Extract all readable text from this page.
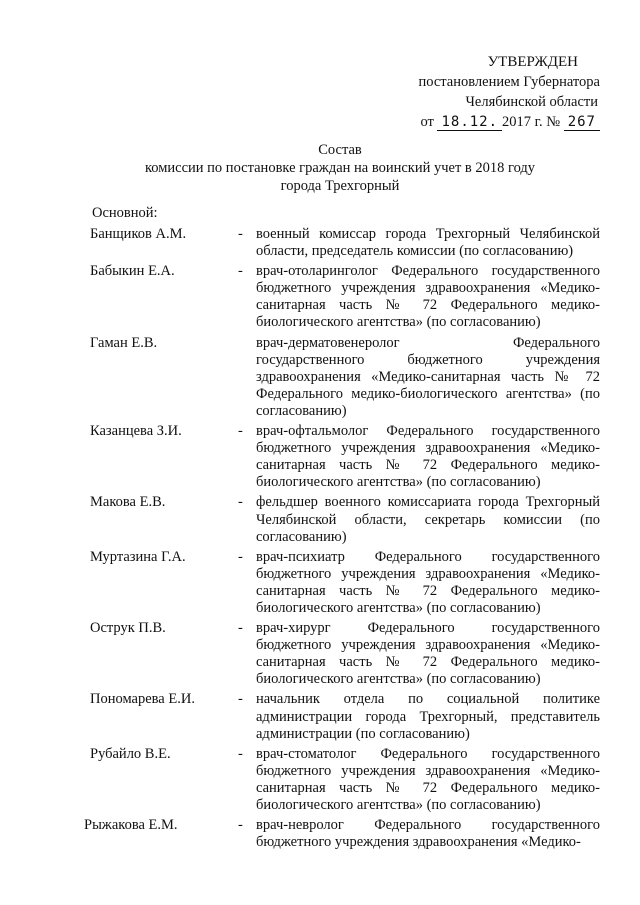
УТВЕРЖДЕН
постановлением Губернатора
Челябинской области
от 18.12. 2017 г. № 267
Состав
комиссии по постановке граждан на воинский учет в 2018 году
города Трехгорный
Основной:
Банщиков А.М.	- военный комиссар города Трехгорный Челябинской области, председатель комиссии (по согласованию)
Бабыкин Е.А.	- врач-отоларинголог Федерального государственного бюджетного учреждения здравоохранения «Медико-санитарная часть № 72 Федерального медико-биологического агентства» (по согласованию)
Гаман Е.В.	врач-дерматовенеролог Федерального государственного бюджетного учреждения здравоохранения «Медико-санитарная часть № 72 Федерального медико-биологического агентства» (по согласованию)
Казанцева З.И.	- врач-офтальмолог Федерального государственного бюджетного учреждения здравоохранения «Медико-санитарная часть № 72 Федерального медико-биологического агентства» (по согласованию)
Макова Е.В.	- фельдшер военного комиссариата города Трехгорный Челябинской области, секретарь комиссии (по согласованию)
Муртазина Г.А.	- врач-психиатр Федерального государственного бюджетного учреждения здравоохранения «Медико-санитарная часть № 72 Федерального медико-биологического агентства» (по согласованию)
Острук П.В.	- врач-хирург Федерального государственного бюджетного учреждения здравоохранения «Медико-санитарная часть № 72 Федерального медико-биологического агентства» (по согласованию)
Пономарева Е.И.	- начальник отдела по социальной политике администрации города Трехгорный, представитель администрации (по согласованию)
Рубайло В.Е.	- врач-стоматолог Федерального государственного бюджетного учреждения здравоохранения «Медико-санитарная часть № 72 Федерального медико-биологического агентства» (по согласованию)
Рыжакова Е.М.	- врач-невролог Федерального государственного бюджетного учреждения здравоохранения «Медико-
